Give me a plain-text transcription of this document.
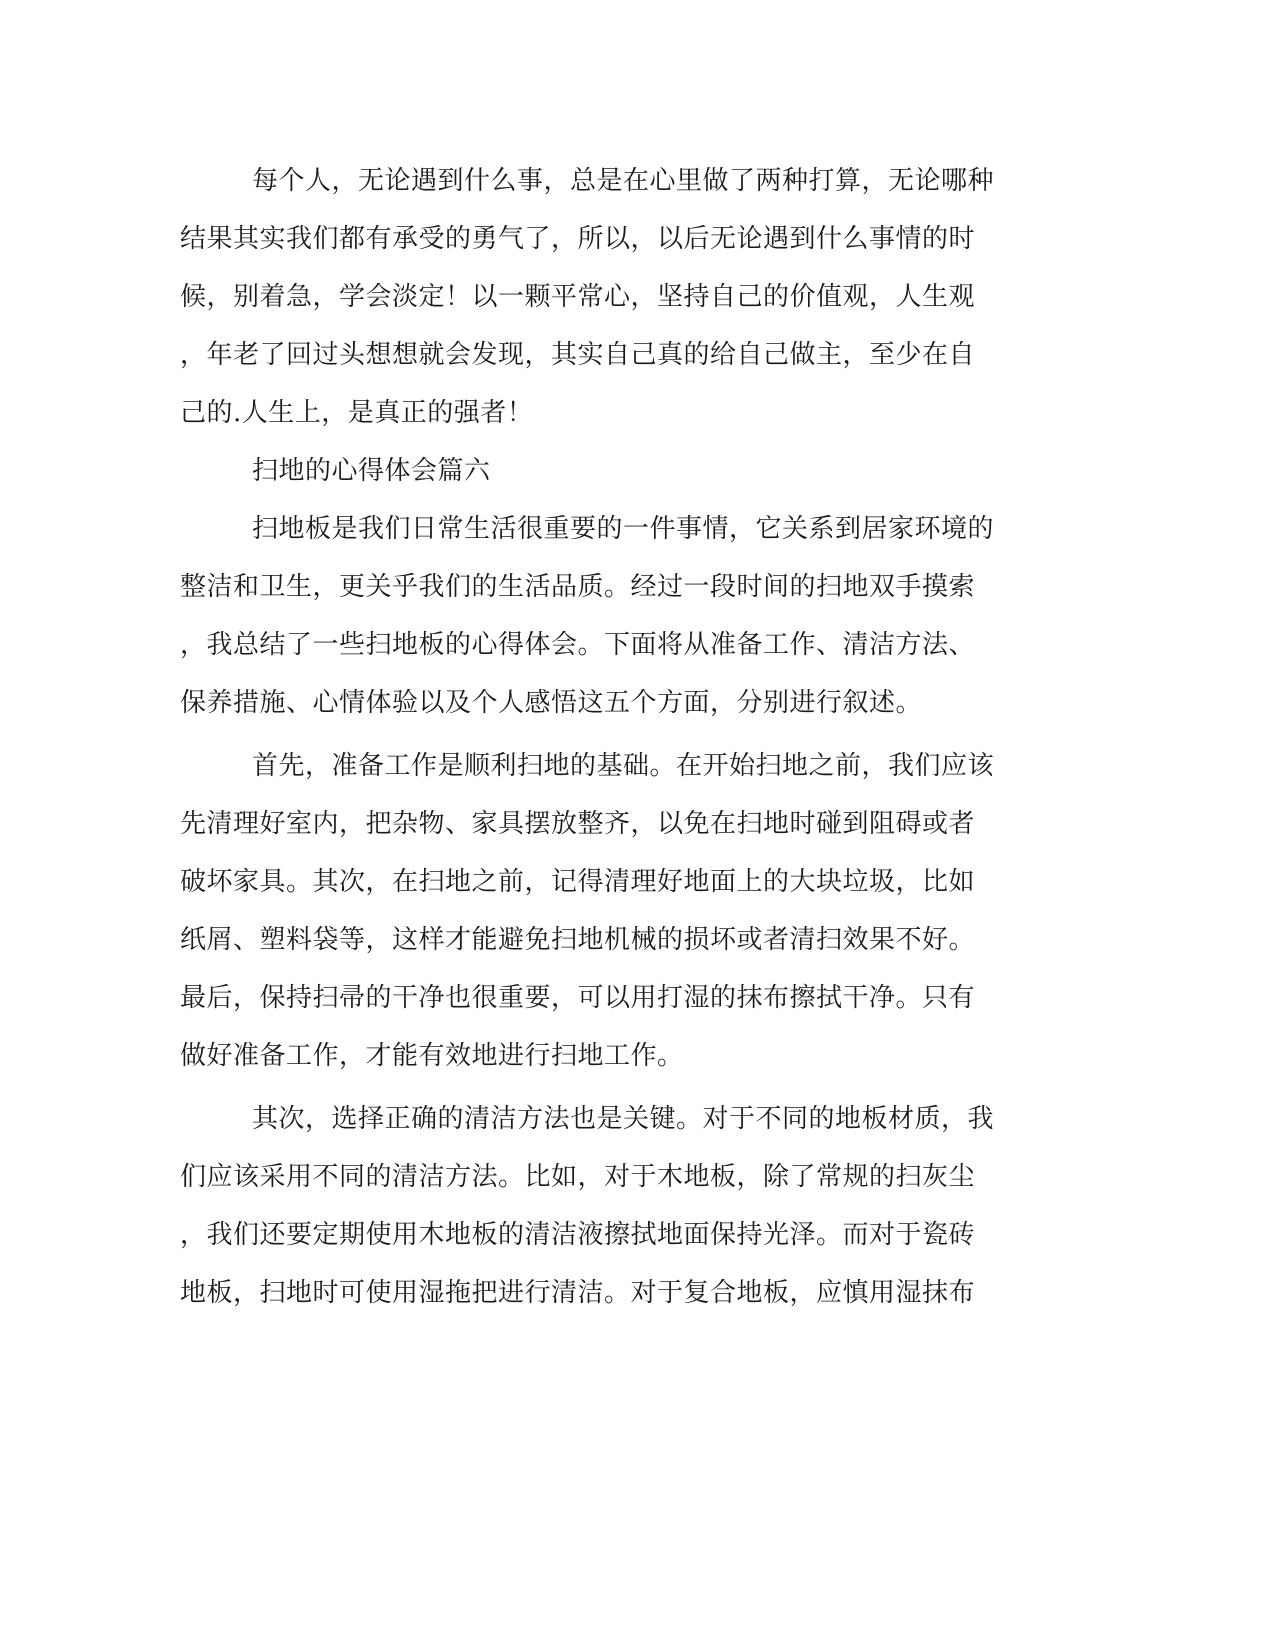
每个人，无论遇到什么事，总是在心里做了两种打算，无论哪种
结果其实我们都有承受的勇气了，所以，以后无论遇到什么事情的时
候，别着急，学会淡定！以一颗平常心，坚持自己的价值观，人生观
，年老了回过头想想就会发现，其实自己真的给自己做主，至少在自
己的.人生上，是真正的强者！
扫地的心得体会篇六
扫地板是我们日常生活很重要的一件事情，它关系到居家环境的
整洁和卫生，更关乎我们的生活品质。经过一段时间的扫地双手摸索
，我总结了一些扫地板的心得体会。下面将从准备工作、清洁方法、
保养措施、心情体验以及个人感悟这五个方面，分别进行叙述。
首先，准备工作是顺利扫地的基础。在开始扫地之前，我们应该
先清理好室内，把杂物、家具摆放整齐，以免在扫地时碰到阻碍或者
破坏家具。其次，在扫地之前，记得清理好地面上的大块垃圾，比如
纸屑、塑料袋等，这样才能避免扫地机械的损坏或者清扫效果不好。
最后，保持扫帚的干净也很重要，可以用打湿的抹布擦拭干净。只有
做好准备工作，才能有效地进行扫地工作。
其次，选择正确的清洁方法也是关键。对于不同的地板材质，我
们应该采用不同的清洁方法。比如，对于木地板，除了常规的扫灰尘
，我们还要定期使用木地板的清洁液擦拭地面保持光泽。而对于瓷砖
地板，扫地时可使用湿拖把进行清洁。对于复合地板，应慎用湿抹布
